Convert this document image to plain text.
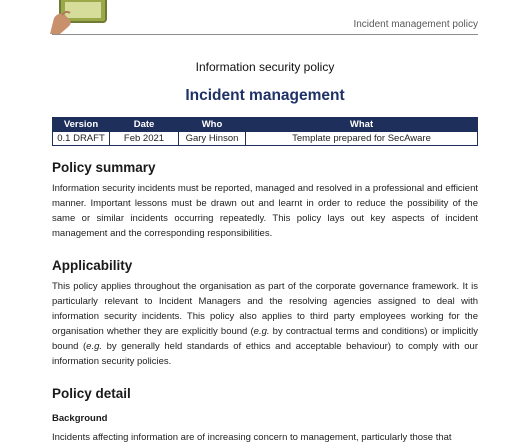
Incident management policy

Information security policy

Incident management
Version	Date	Who	What
0.1 DRAFT	Feb 2021	Gary Hinson	Template prepared for SecAware
Policy summary

Information security incidents must be reported, managed and resolved in a professional and efficient manner. Important lessons must be drawn out and learnt in order to reduce the possibility of the same or similar incidents occurring repeatedly. This policy lays out key aspects of incident management and the corresponding responsibilities.

Applicability

This policy applies throughout the organisation as part of the corporate governance framework. It is particularly relevant to Incident Managers and the resolving agencies assigned to deal with information security incidents. This policy also applies to third party employees working for the organisation whether they are explicitly bound (e.g. by contractual terms and conditions) or implicitly bound (e.g. by generally held standards of ethics and acceptable behaviour) to comply with our information security policies.

Policy detail
Background

Incidents affecting information are of increasing concern to management, particularly those that
